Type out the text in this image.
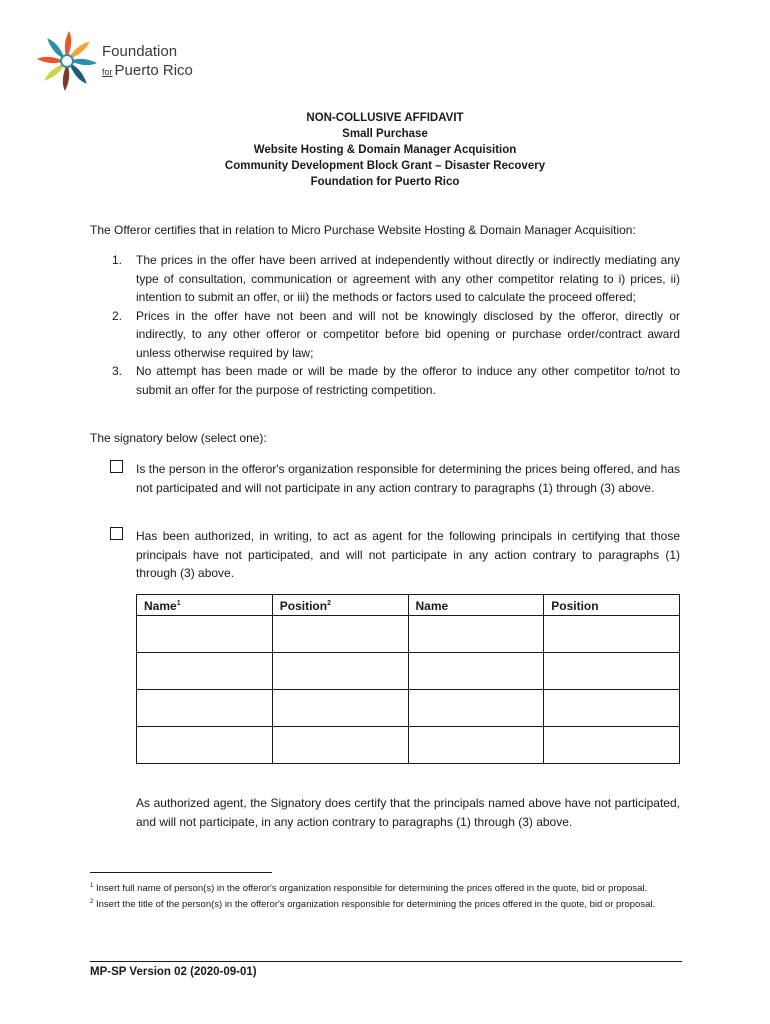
Foundation
for Puerto Rico
NON-COLLUSIVE AFFIDAVIT
Small Purchase
Website Hosting & Domain Manager Acquisition
Community Development Block Grant – Disaster Recovery
Foundation for Puerto Rico
The Offeror certifies that in relation to Micro Purchase Website Hosting & Domain Manager Acquisition:
1. The prices in the offer have been arrived at independently without directly or indirectly mediating any type of consultation, communication or agreement with any other competitor relating to i) prices, ii) intention to submit an offer, or iii) the methods or factors used to calculate the proceed offered;
2. Prices in the offer have not been and will not be knowingly disclosed by the offeror, directly or indirectly, to any other offeror or competitor before bid opening or purchase order/contract award unless otherwise required by law;
3. No attempt has been made or will be made by the offeror to induce any other competitor to/not to submit an offer for the purpose of restricting competition.
The signatory below (select one):
Is the person in the offeror's organization responsible for determining the prices being offered, and has not participated and will not participate in any action contrary to paragraphs (1) through (3) above.
Has been authorized, in writing, to act as agent for the following principals in certifying that those principals have not participated, and will not participate in any action contrary to paragraphs (1) through (3) above.
Name$^1$	Position$^2$	Name	Position

As authorized agent, the Signatory does certify that the principals named above have not participated, and will not participate, in any action contrary to paragraphs (1) through (3) above.
$^1$ Insert full name of person(s) in the offeror's organization responsible for determining the prices offered in the quote, bid or proposal.
$^2$ Insert the title of the person(s) in the offeror's organization responsible for determining the prices offered in the quote, bid or proposal.
MP-SP Version 02 (2020-09-01)
